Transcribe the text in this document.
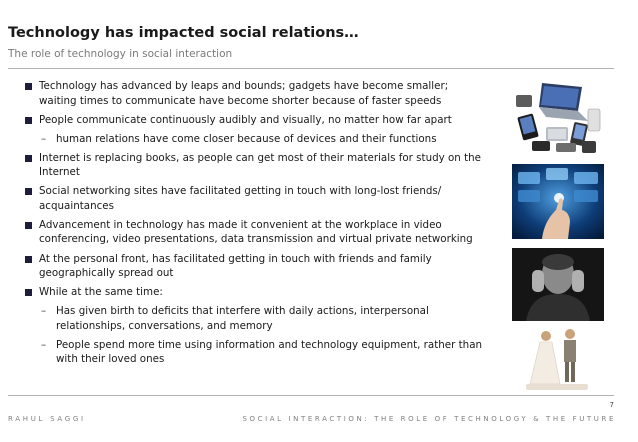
Technology has impacted social relations…
The role of technology in social interaction
Technology has advanced by leaps and bounds; gadgets have become smaller; waiting times to communicate have become shorter because of faster speeds
People communicate continuously audibly and visually, no matter how far apart
– human relations have come closer because of devices and their functions
Internet is replacing books, as people can get most of their materials for study on the Internet
Social networking sites have facilitated getting in touch with long-lost friends/ acquaintances
Advancement in technology has made it convenient at the workplace in video conferencing, video presentations, data transmission and virtual private networking
At the personal front, has facilitated getting in touch with friends and family geographically spread out
While at the same time:
– Has given birth to deficits that interfere with daily actions, interpersonal relationships, conversations, and memory
– People spend more time using information and technology equipment, rather than with their loved ones
7
RAHUL SAGGI	SOCIAL INTERACTION: THE ROLE OF TECHNOLOGY & THE FUTURE
